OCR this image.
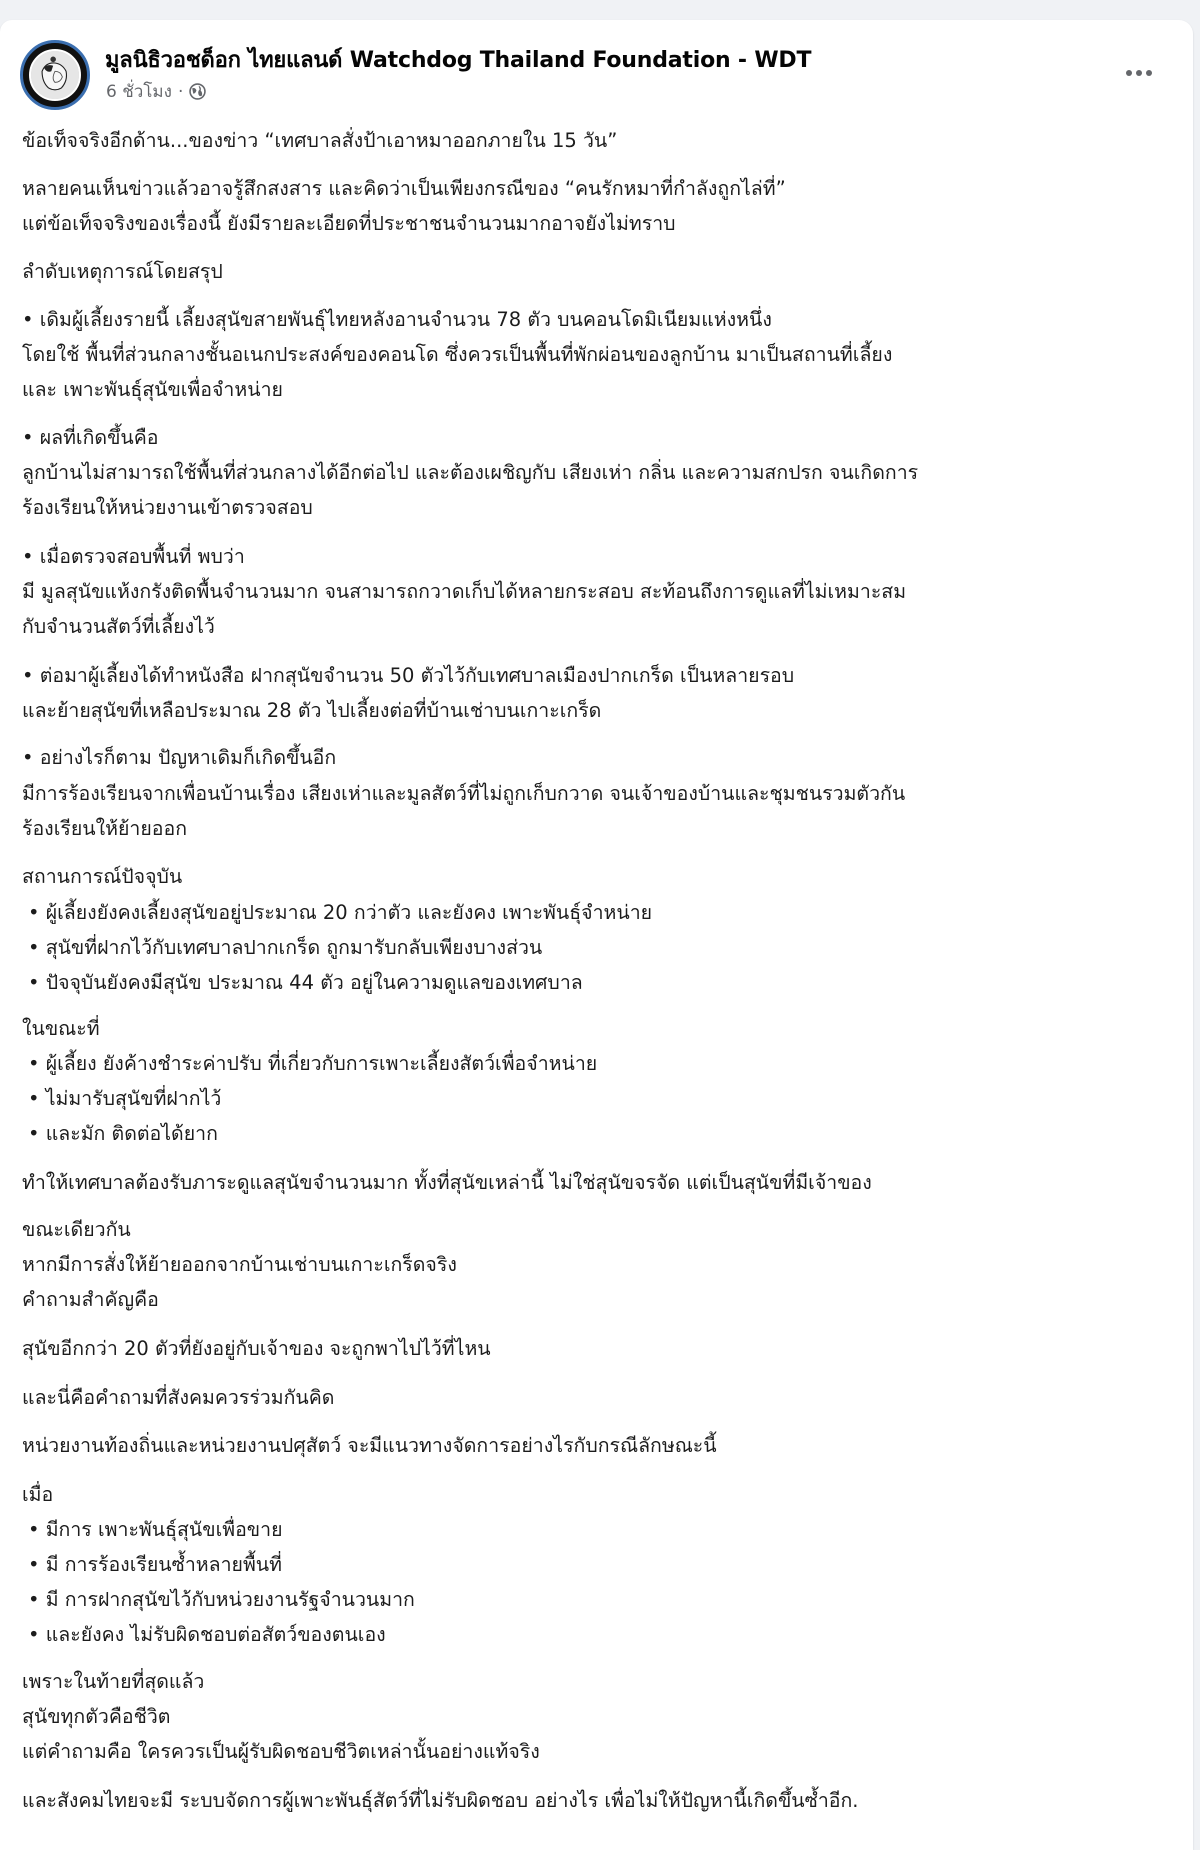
มูลนิธิวอชด็อก ไทยแลนด์ Watchdog Thailand Foundation - WDT
6 ชั่วโมง ·
ข้อเท็จจริงอีกด้าน...ของข่าว “เทศบาลสั่งป้าเอาหมาออกภายใน 15 วัน”
หลายคนเห็นข่าวแล้วอาจรู้สึกสงสาร และคิดว่าเป็นเพียงกรณีของ “คนรักหมาที่กำลังถูกไล่ที่”
แต่ข้อเท็จจริงของเรื่องนี้ ยังมีรายละเอียดที่ประชาชนจำนวนมากอาจยังไม่ทราบ
ลำดับเหตุการณ์โดยสรุป
• เดิมผู้เลี้ยงรายนี้ เลี้ยงสุนัขสายพันธุ์ไทยหลังอานจำนวน 78 ตัว บนคอนโดมิเนียมแห่งหนึ่ง
โดยใช้ พื้นที่ส่วนกลางชั้นอเนกประสงค์ของคอนโด ซึ่งควรเป็นพื้นที่พักผ่อนของลูกบ้าน มาเป็นสถานที่เลี้ยง
และ เพาะพันธุ์สุนัขเพื่อจำหน่าย
• ผลที่เกิดขึ้นคือ
ลูกบ้านไม่สามารถใช้พื้นที่ส่วนกลางได้อีกต่อไป และต้องเผชิญกับ เสียงเห่า กลิ่น และความสกปรก จนเกิดการ
ร้องเรียนให้หน่วยงานเข้าตรวจสอบ
• เมื่อตรวจสอบพื้นที่ พบว่า
มี มูลสุนัขแห้งกรังติดพื้นจำนวนมาก จนสามารถกวาดเก็บได้หลายกระสอบ สะท้อนถึงการดูแลที่ไม่เหมาะสม
กับจำนวนสัตว์ที่เลี้ยงไว้
• ต่อมาผู้เลี้ยงได้ทำหนังสือ ฝากสุนัขจำนวน 50 ตัวไว้กับเทศบาลเมืองปากเกร็ด เป็นหลายรอบ
และย้ายสุนัขที่เหลือประมาณ 28 ตัว ไปเลี้ยงต่อที่บ้านเช่าบนเกาะเกร็ด
• อย่างไรก็ตาม ปัญหาเดิมก็เกิดขึ้นอีก
มีการร้องเรียนจากเพื่อนบ้านเรื่อง เสียงเห่าและมูลสัตว์ที่ไม่ถูกเก็บกวาด จนเจ้าของบ้านและชุมชนรวมตัวกัน
ร้องเรียนให้ย้ายออก
สถานการณ์ปัจจุบัน
• ผู้เลี้ยงยังคงเลี้ยงสุนัขอยู่ประมาณ 20 กว่าตัว และยังคง เพาะพันธุ์จำหน่าย
• สุนัขที่ฝากไว้กับเทศบาลปากเกร็ด ถูกมารับกลับเพียงบางส่วน
• ปัจจุบันยังคงมีสุนัข ประมาณ 44 ตัว อยู่ในความดูแลของเทศบาล
ในขณะที่
• ผู้เลี้ยง ยังค้างชำระค่าปรับ ที่เกี่ยวกับการเพาะเลี้ยงสัตว์เพื่อจำหน่าย
• ไม่มารับสุนัขที่ฝากไว้
• และมัก ติดต่อได้ยาก
ทำให้เทศบาลต้องรับภาระดูแลสุนัขจำนวนมาก ทั้งที่สุนัขเหล่านี้ ไม่ใช่สุนัขจรจัด แต่เป็นสุนัขที่มีเจ้าของ
ขณะเดียวกัน
หากมีการสั่งให้ย้ายออกจากบ้านเช่าบนเกาะเกร็ดจริง
คำถามสำคัญคือ
สุนัขอีกกว่า 20 ตัวที่ยังอยู่กับเจ้าของ จะถูกพาไปไว้ที่ไหน
และนี่คือคำถามที่สังคมควรร่วมกันคิด
หน่วยงานท้องถิ่นและหน่วยงานปศุสัตว์ จะมีแนวทางจัดการอย่างไรกับกรณีลักษณะนี้
เมื่อ
• มีการ เพาะพันธุ์สุนัขเพื่อขาย
• มี การร้องเรียนซ้ำหลายพื้นที่
• มี การฝากสุนัขไว้กับหน่วยงานรัฐจำนวนมาก
• และยังคง ไม่รับผิดชอบต่อสัตว์ของตนเอง
เพราะในท้ายที่สุดแล้ว
สุนัขทุกตัวคือชีวิต
แต่คำถามคือ ใครควรเป็นผู้รับผิดชอบชีวิตเหล่านั้นอย่างแท้จริง
และสังคมไทยจะมี ระบบจัดการผู้เพาะพันธุ์สัตว์ที่ไม่รับผิดชอบ อย่างไร เพื่อไม่ให้ปัญหานี้เกิดขึ้นซ้ำอีก.
